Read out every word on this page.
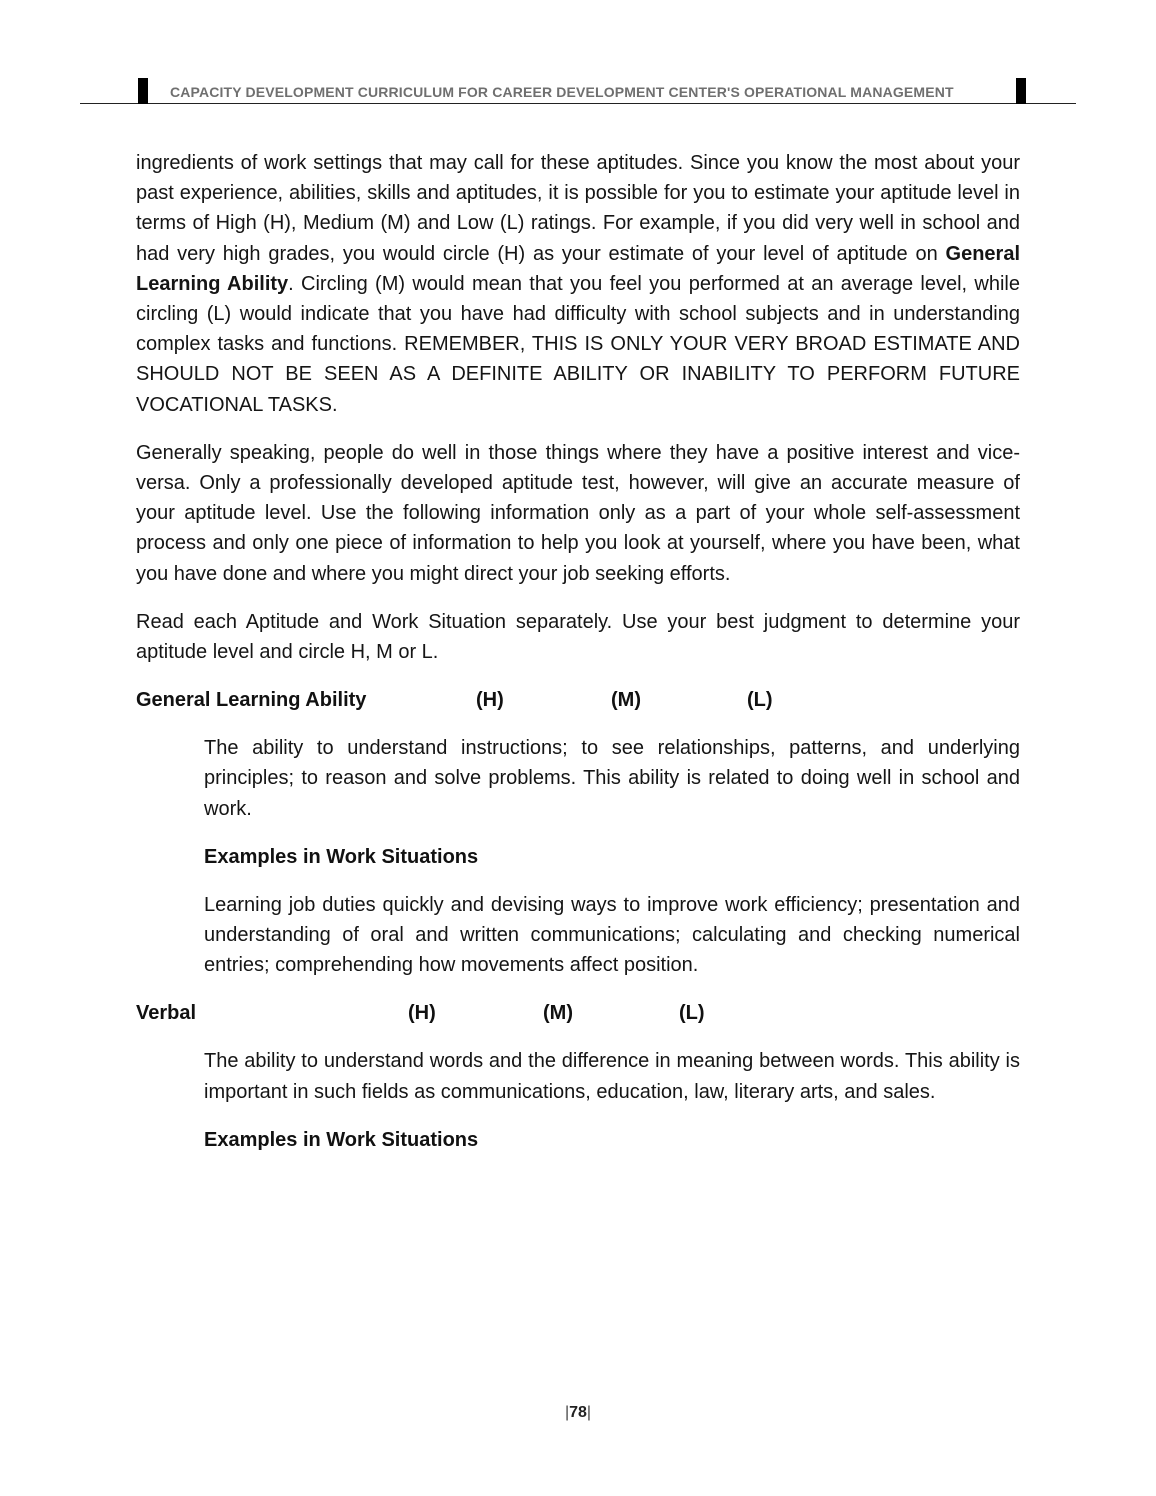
CAPACITY DEVELOPMENT CURRICULUM FOR CAREER DEVELOPMENT CENTER'S OPERATIONAL MANAGEMENT

ingredients of work settings that may call for these aptitudes. Since you know the most about your past experience, abilities, skills and aptitudes, it is possible for you to estimate your aptitude level in terms of High (H), Medium (M) and Low (L) ratings. For example, if you did very well in school and had very high grades, you would circle (H) as your estimate of your level of aptitude on General Learning Ability. Circling (M) would mean that you feel you performed at an average level, while circling (L) would indicate that you have had difficulty with school subjects and in understanding complex tasks and functions. REMEMBER, THIS IS ONLY YOUR VERY BROAD ESTIMATE AND SHOULD NOT BE SEEN AS A DEFINITE ABILITY OR INABILITY TO PERFORM FUTURE VOCATIONAL TASKS.

Generally speaking, people do well in those things where they have a positive interest and vice-versa. Only a professionally developed aptitude test, however, will give an accurate measure of your aptitude level. Use the following information only as a part of your whole self-assessment process and only one piece of information to help you look at yourself, where you have been, what you have done and where you might direct your job seeking efforts.

Read each Aptitude and Work Situation separately. Use your best judgment to determine your aptitude level and circle H, M or L.

General Learning Ability	(H)	(M)	(L)

The ability to understand instructions; to see relationships, patterns, and underlying principles; to reason and solve problems. This ability is related to doing well in school and work.

Examples in Work Situations

Learning job duties quickly and devising ways to improve work efficiency; presentation and understanding of oral and written communications; calculating and checking numerical entries; comprehending how movements affect position.

Verbal	(H)	(M)	(L)

The ability to understand words and the difference in meaning between words. This ability is important in such fields as communications, education, law, literary arts, and sales.

Examples in Work Situations
|78|
